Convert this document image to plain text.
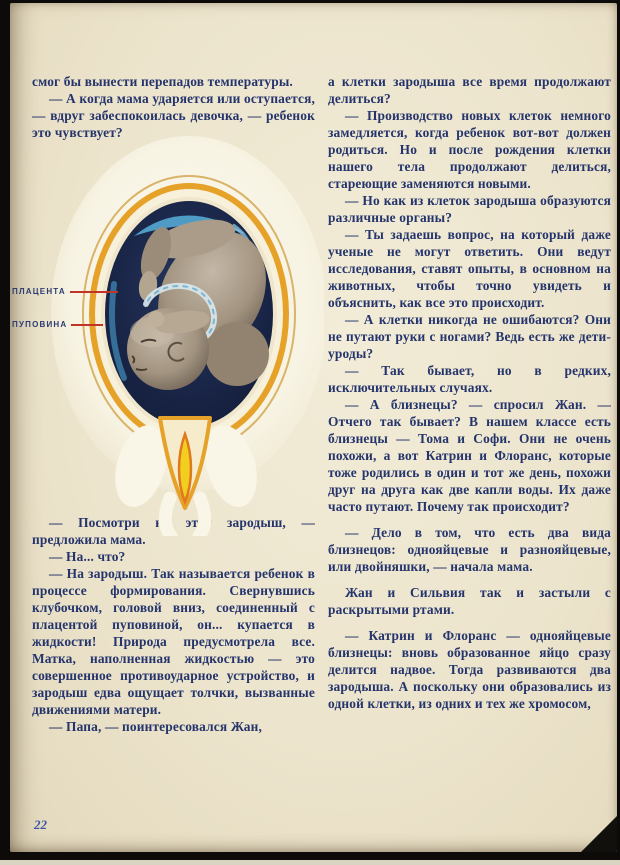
смог бы вынести перепадов температуры.

— А когда мама ударяется или оступается, — вдруг забеспокоилась девочка, — ребенок это чувствует?

— Посмотри на этот зародыш, — предложила мама.

— На... что?

— На зародыш. Так называется ребенок в процессе формирования. Свернувшись клубочком, головой вниз, соединенный с плацентой пуповиной, он... купается в жидкости! Природа предусмотрела все. Матка, наполненная жидкостью — это совершенное противоударное устройство, и зародыш едва ощущает толчки, вызванные движениями матери.

— Папа, — поинтересовался Жан,

а клетки зародыша все время продолжают делиться?

— Производство новых клеток немного замедляется, когда ребенок вот-вот должен родиться. Но и после рождения клетки нашего тела продолжают делиться, стареющие заменяются новыми.

— Но как из клеток зародыша образуются различные органы?

— Ты задаешь вопрос, на который даже ученые не могут ответить. Они ведут исследования, ставят опыты, в основном на животных, чтобы точно увидеть и объяснить, как все это происходит.

— А клетки никогда не ошибаются? Они не путают руки с ногами? Ведь есть же дети-уроды?

— Так бывает, но в редких, исключительных случаях.

— А близнецы? — спросил Жан. — Отчего так бывает? В нашем классе есть близнецы — Тома и Софи. Они не очень похожи, а вот Катрин и Флоранс, которые тоже родились в один и тот же день, похожи друг на друга как две капли воды. Их даже часто путают. Почему так происходит?

— Дело в том, что есть два вида близнецов: однояйцевые и разнояйцевые, или двойняшки, — начала мама.

Жан и Сильвия так и застыли с раскрытыми ртами.

— Катрин и Флоранс — однояйцевые близнецы: вновь образованное яйцо сразу делится надвое. Тогда развиваются два зародыша. А поскольку они образовались из одной клетки, из одних и тех же хромосом,

ПЛАЦЕНТА
ПУПОВИНА
22
